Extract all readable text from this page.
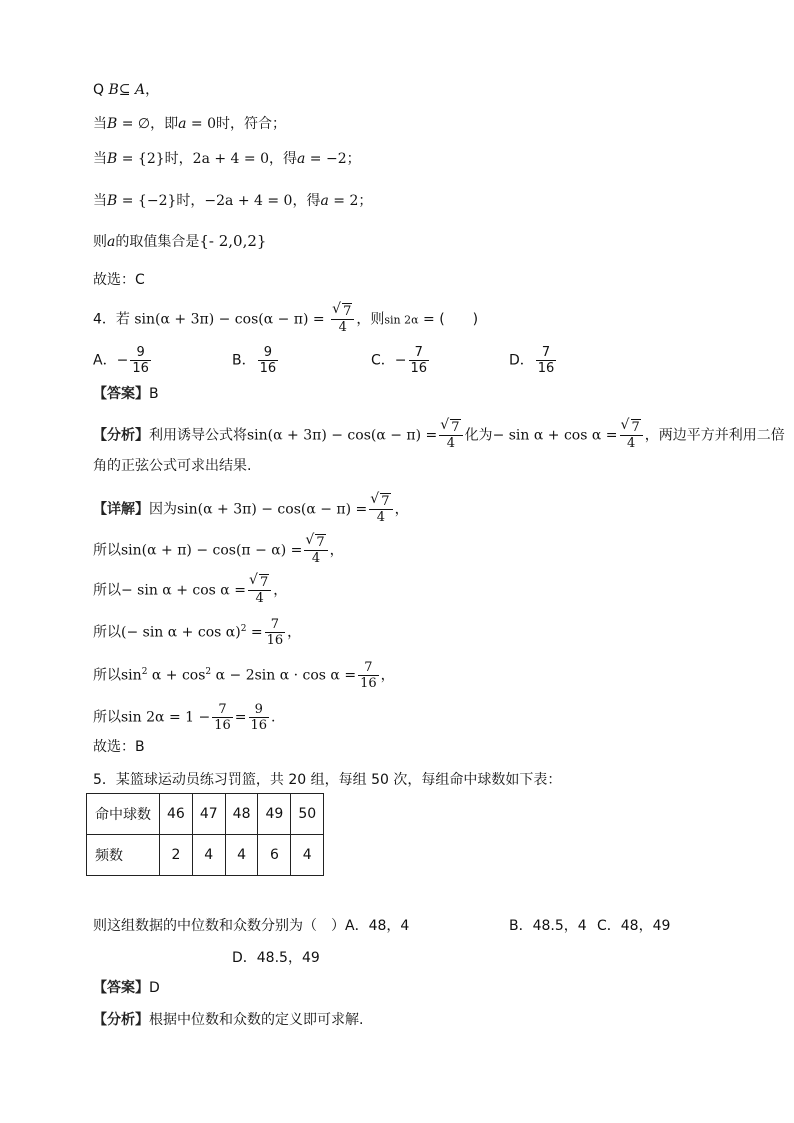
Q B⊆ A，
当B = ∅，即a = 0时，符合；
当B = {2}时，2a + 4 = 0，得a = −2；
当B = {−2}时，−2a + 4 = 0，得a = 2；
则a的取值集合是{- 2,0,2}
故选：C
4．若 sin(α + 3π) − cos(α − π) = √ $\frac{7}{4}$ ，则sin 2α = (　　)
A．− $\frac{9}{16}$	B． $\frac{9}{16}$	C．− $\frac{7}{16}$	D． $\frac{7}{16}$
【答案】B
【分析】利用诱导公式将sin(α + 3π) − cos(α − π) = √ $\frac{7}{4}$ 化为− sin α + cos α = √ $\frac{7}{4}$ ，两边平方并利用二倍
角的正弦公式可求出结果.
【详解】因为sin(α + 3π) − cos(α − π) = √ $\frac{7}{4}$ ，
所以sin(α + π) − cos(π − α) = √ $\frac{7}{4}$ ，
所以− sin α + cos α = √ $\frac{7}{4}$ ，
所以(− $\sin \alpha + \cos \alpha)^2 = \frac{7}{16}$ ，
所以$\sin^2 \alpha + \cos^2 \alpha - 2\sin$ $\alpha \cdot \cos \alpha = \frac{7}{16}$ ，
所以$\sin 2\alpha = 1 - \frac{7}{16} = \frac{9}{16}$ .
故选：B
5．某篮球运动员练习罚篮，共 20 组，每组 50 次，每组命中球数如下表：
命中球数	46	47	48	49	50
频数	2	4	4	6	4
则这组数据的中位数和众数分别为（　）A．48，4	B．48.5，4 C．48，49
D．48.5，49
【答案】D
【分析】根据中位数和众数的定义即可求解.
